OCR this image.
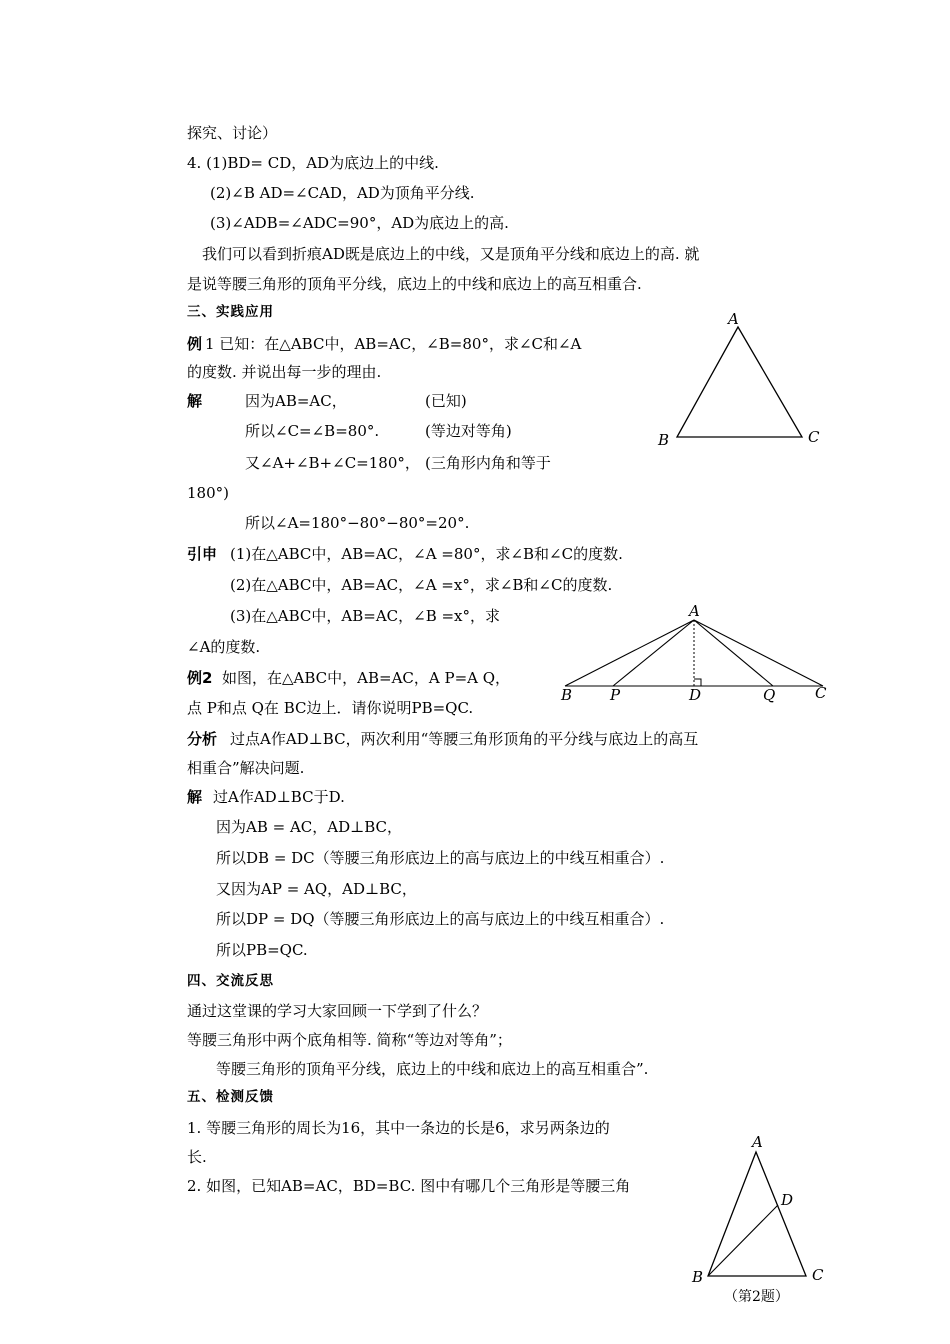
探究、讨论）
4. (1)BD= CD，AD为底边上的中线.
(2)∠B AD=∠CAD，AD为顶角平分线.
(3)∠ADB=∠ADC=90°，AD为底边上的高.
我们可以看到折痕AD既是底边上的中线，又是顶角平分线和底边上的高. 就
是说等腰三角形的顶角平分线，底边上的中线和底边上的高互相重合.
三、实践应用
例 1 已知：在△ABC中，AB=AC，∠B=80°，求∠C和∠A
的度数. 并说出每一步的理由.
解	因为AB=AC，	(已知)
所以∠C=∠B=80°.	(等边对等角)
又∠A+∠B+∠C=180°， (三角形内角和等于
180°)
所以∠A=180°−80°−80°=20°.
引申 (1)在△ABC中，AB=AC，∠A =80°，求∠B和∠C的度数.
(2)在△ABC中，AB=AC，∠A =x°，求∠B和∠C的度数.
(3)在△ABC中，AB=AC，∠B =x°，求
∠A的度数.
例2 如图，在△ABC中，AB=AC，A P=A Q，
点 P和点 Q在 BC边上．请你说明PB=QC.
分析 过点A作AD⊥BC，两次利用“等腰三角形顶角的平分线与底边上的高互
相重合”解决问题.
解 过A作AD⊥BC于D.
因为AB = AC，AD⊥BC，
所以DB = DC（等腰三角形底边上的高与底边上的中线互相重合）.
又因为AP = AQ，AD⊥BC，
所以DP = DQ（等腰三角形底边上的高与底边上的中线互相重合）.
所以PB=QC.
四、交流反思
通过这堂课的学习大家回顾一下学到了什么？
等腰三角形中两个底角相等. 简称“等边对等角”；
等腰三角形的顶角平分线，底边上的中线和底边上的高互相重合”.
五、检测反馈
1. 等腰三角形的周长为16，其中一条边的长是6，求另两条边的
长.
2. 如图，已知AB=AC，BD=BC. 图中有哪几个三角形是等腰三角
A
B	C
A
B	P	D	Q	C
A
D
B	C
（第2题）
